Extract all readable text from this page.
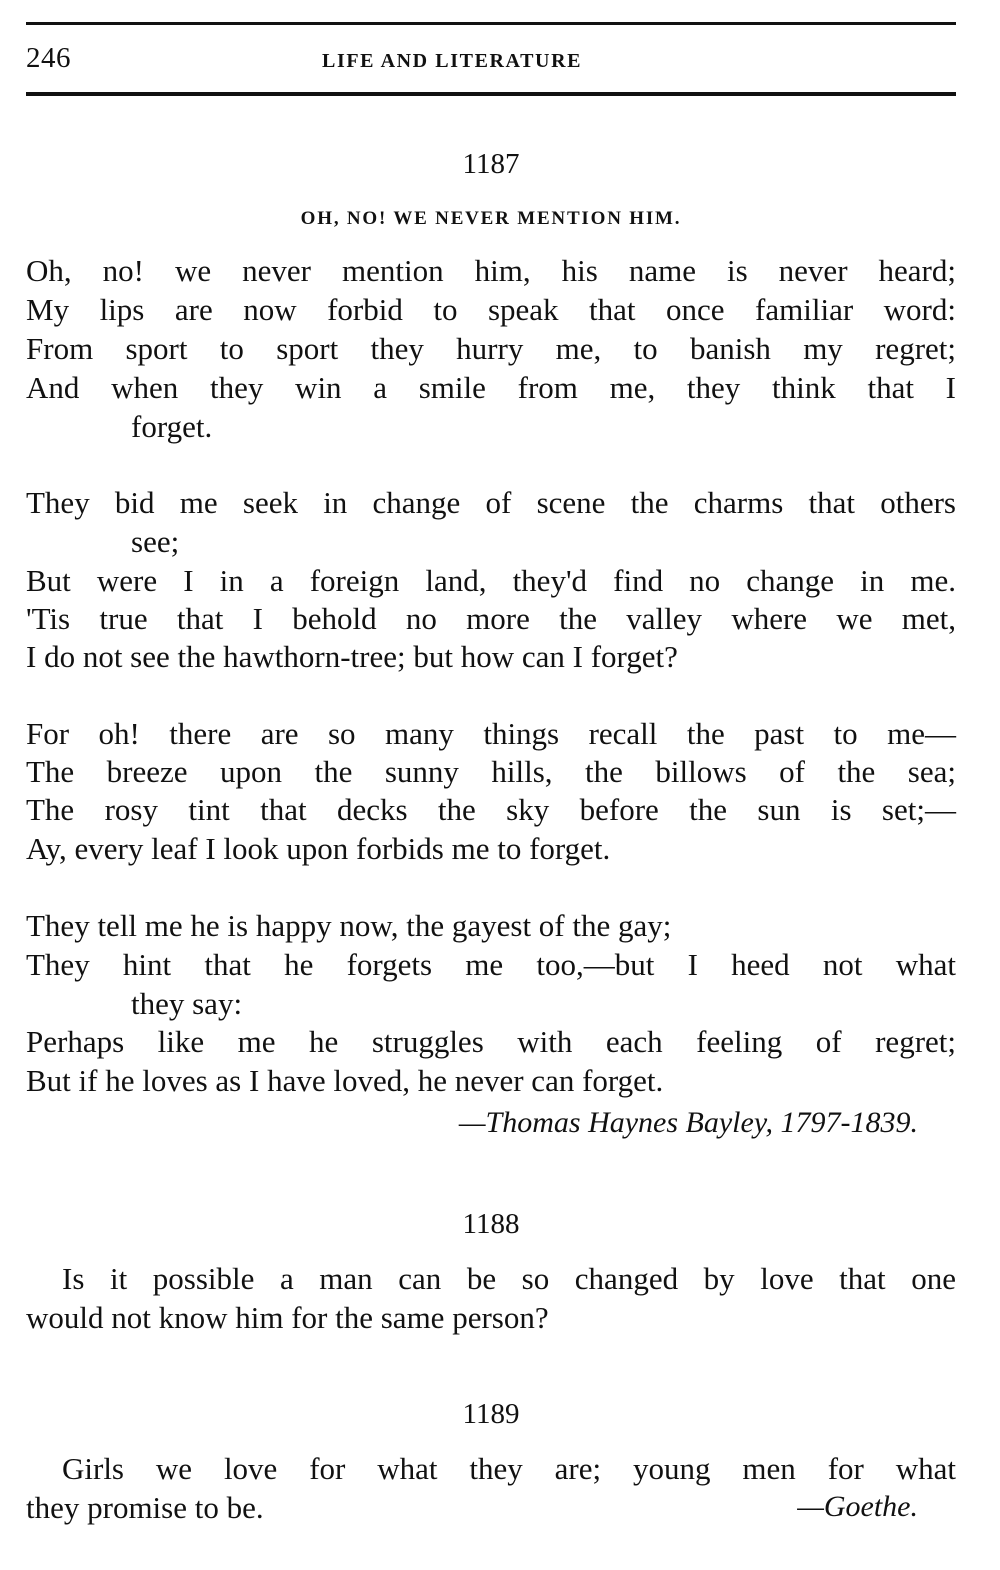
246	LIFE AND LITERATURE
1187
OH, NO! WE NEVER MENTION HIM.
Oh, no! we never mention him, his name is never heard;
My lips are now forbid to speak that once familiar word:
From sport to sport they hurry me, to banish my regret;
And when they win a smile from me, they think that I
forget.
They bid me seek in change of scene the charms that others
see;
But were I in a foreign land, they'd find no change in me.
'Tis true that I behold no more the valley where we met,
I do not see the hawthorn-tree; but how can I forget?
For oh! there are so many things recall the past to me—
The breeze upon the sunny hills, the billows of the sea;
The rosy tint that decks the sky before the sun is set;—
Ay, every leaf I look upon forbids me to forget.
They tell me he is happy now, the gayest of the gay;
They hint that he forgets me too,—but I heed not what
they say:
Perhaps like me he struggles with each feeling of regret;
But if he loves as I have loved, he never can forget.
—Thomas Haynes Bayley, 1797-1839.
1188
Is it possible a man can be so changed by love that one
would not know him for the same person?
1189
Girls we love for what they are; young men for what
they promise to be.	—Goethe.
